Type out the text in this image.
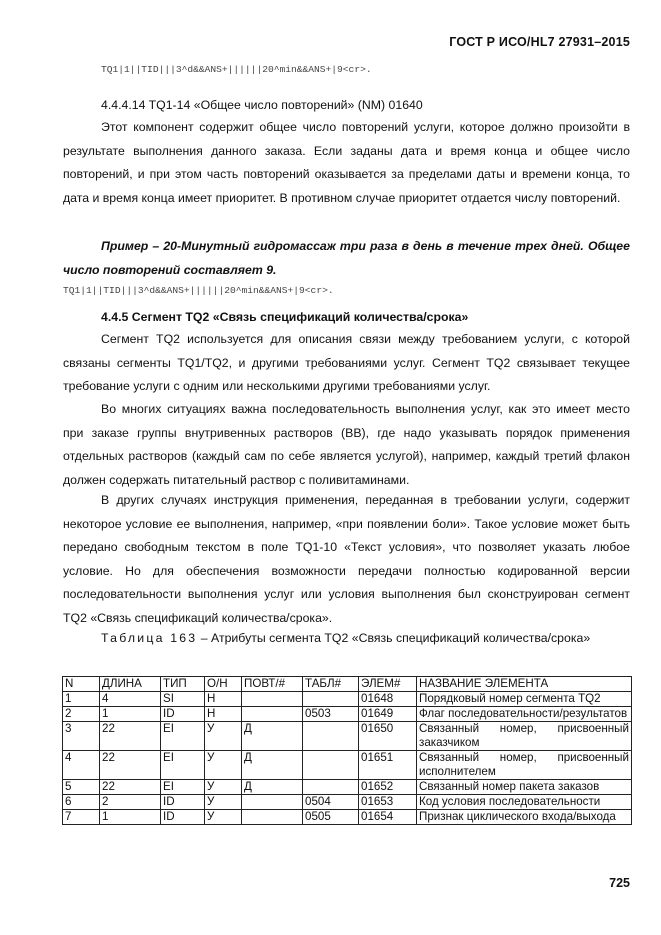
ГОСТ Р ИСО/HL7 27931–2015
TQ1|1||TID|||3^d&&ANS+||||||20^min&&ANS+|9<cr>.
4.4.4.14 TQ1-14 «Общее число повторений» (NM) 01640

Этот компонент содержит общее число повторений услуги, которое должно произойти в результате выполнения данного заказа. Если заданы дата и время конца и общее число повторений, и при этом часть повторений оказывается за пределами даты и времени конца, то дата и время конца имеет приоритет. В противном случае приоритет отдается числу повторений.

Пример – 20-Минутный гидромассаж три раза в день в течение трех дней. Общее число повторений составляет 9.

TQ1|1||TID|||3^d&&ANS+||||||20^min&&ANS+|9<cr>.
4.4.5 Сегмент TQ2 «Связь спецификаций количества/срока»

Сегмент TQ2 используется для описания связи между требованием услуги, с которой связаны сегменты TQ1/TQ2, и другими требованиями услуг. Сегмент TQ2 связывает текущее требование услуги с одним или несколькими другими требованиями услуг.

Во многих ситуациях важна последовательность выполнения услуг, как это имеет место при заказе группы внутривенных растворов (ВВ), где надо указывать порядок применения отдельных растворов (каждый сам по себе является услугой), например, каждый третий флакон должен содержать питательный раствор с поливитаминами.

В других случаях инструкция применения, переданная в требовании услуги, содержит некоторое условие ее выполнения, например, «при появлении боли». Такое условие может быть передано свободным текстом в поле TQ1-10 «Текст условия», что позволяет указать любое условие. Но для обеспечения возможности передачи полностью кодированной версии последовательности выполнения услуг или условия выполнения был сконструирован сегмент TQ2 «Связь спецификаций количества/срока».

Таблица 163 – Атрибуты сегмента TQ2 «Связь спецификаций количества/срока»

N	ДЛИНА	ТИП	О/Н	ПОВТ/#	ТАБЛ#	ЭЛЕМ#	НАЗВАНИЕ ЭЛЕМЕНТА
1	4	SI	Н			01648	Порядковый номер сегмента TQ2
2	1	ID	Н		0503	01649	Флаг последовательности/результатов
3	22	EI	У	Д		01650	Связанный номер, присвоенный заказчиком
4	22	EI	У	Д		01651	Связанный номер, присвоенный исполнителем
5	22	EI	У	Д		01652	Связанный номер пакета заказов
6	2	ID	У		0504	01653	Код условия последовательности
7	1	ID	У		0505	01654	Признак циклического входа/выхода
725
